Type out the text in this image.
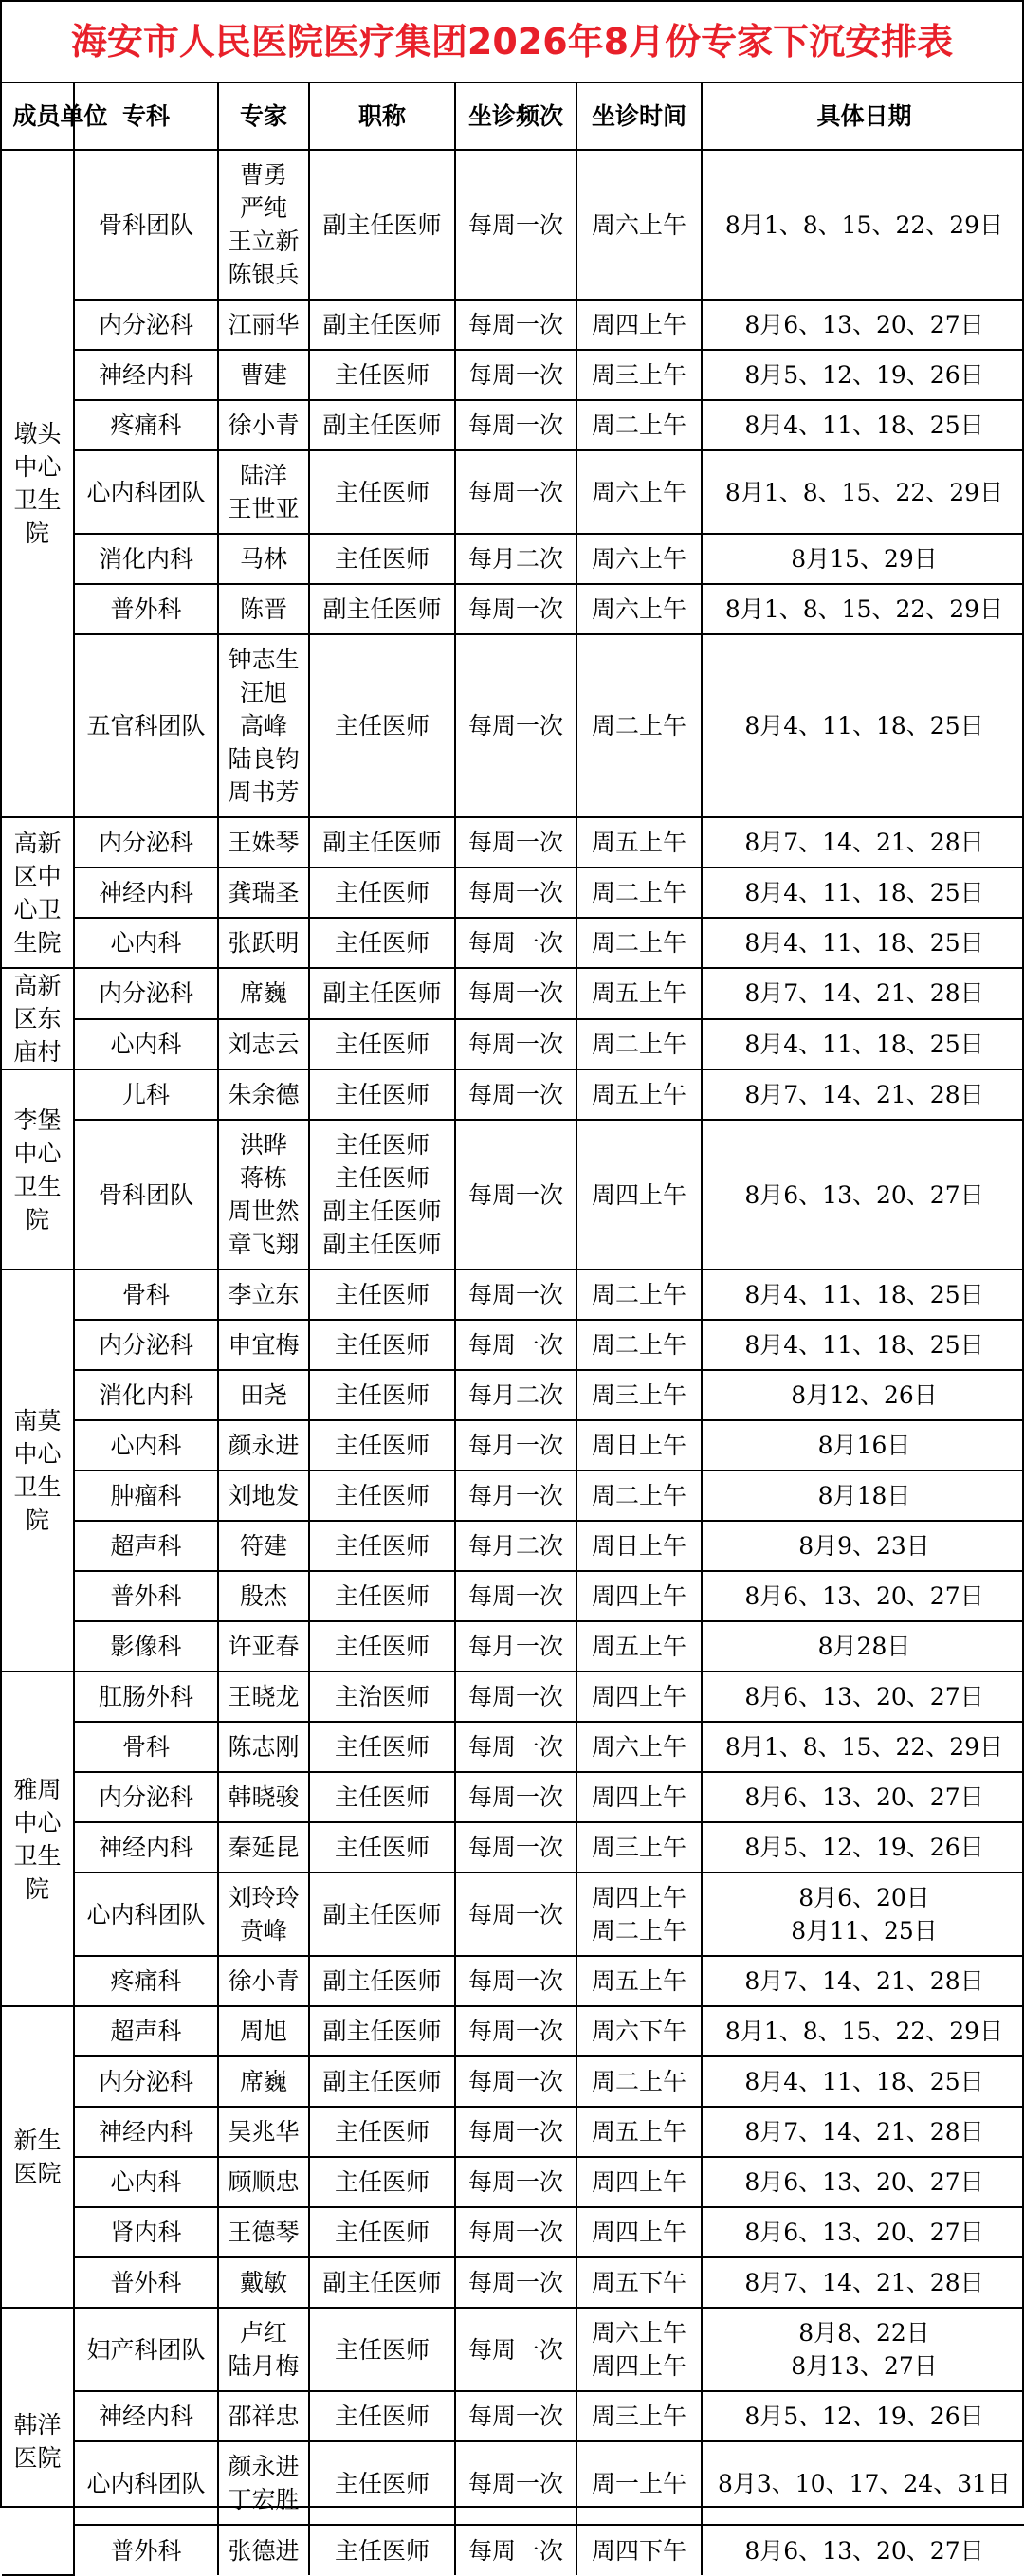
海安市人民医院医疗集团2026年8月份专家下沉安排表
成员单位	专科	专家	职称	坐诊频次	坐诊时间	具体日期
墩头中心卫生院	骨科团队	曹勇
严纯
王立新
陈银兵	副主任医师	每周一次	周六上午	8月1、8、15、22、29日

	内分泌科	江丽华	副主任医师	每周一次	周四上午	8月6、13、20、27日

	神经内科	曹建	主任医师	每周一次	周三上午	8月5、12、19、26日

	疼痛科	徐小青	副主任医师	每周一次	周二上午	8月4、11、18、25日

	心内科团队	陆洋
王世亚	主任医师	每周一次	周六上午	8月1、8、15、22、29日

	消化内科	马林	主任医师	每月二次	周六上午	8月15、29日

	普外科	陈晋	副主任医师	每周一次	周六上午	8月1、8、15、22、29日

	五官科团队	钟志生
汪旭
高峰
陆良钧
周书芳	主任医师	每周一次	周二上午	8月4、11、18、25日

高新区中心卫生院	内分泌科	王姝琴	副主任医师	每周一次	周五上午	8月7、14、21、28日

	神经内科	龚瑞圣	主任医师	每周一次	周二上午	8月4、11、18、25日

	心内科	张跃明	主任医师	每周一次	周二上午	8月4、11、18、25日

高新区东庙村	内分泌科	席巍	副主任医师	每周一次	周五上午	8月7、14、21、28日

	心内科	刘志云	主任医师	每周一次	周二上午	8月4、11、18、25日

李堡中心卫生院	儿科	朱余德	主任医师	每周一次	周五上午	8月7、14、21、28日

	骨科团队	洪晔
蒋栋
周世然
章飞翔	主任医师
主任医师
副主任医师
副主任医师	每周一次	周四上午	8月6、13、20、27日

南莫中心卫生院	骨科	李立东	主任医师	每周一次	周二上午	8月4、11、18、25日

	内分泌科	申宜梅	主任医师	每周一次	周二上午	8月4、11、18、25日

	消化内科	田尧	主任医师	每月二次	周三上午	8月12、26日

	心内科	颜永进	主任医师	每月一次	周日上午	8月16日

	肿瘤科	刘地发	主任医师	每月一次	周二上午	8月18日

	超声科	符建	主任医师	每月二次	周日上午	8月9、23日

	普外科	殷杰	主任医师	每周一次	周四上午	8月6、13、20、27日

	影像科	许亚春	主任医师	每月一次	周五上午	8月28日

雅周中心卫生院	肛肠外科	王晓龙	主治医师	每周一次	周四上午	8月6、13、20、27日

	骨科	陈志刚	主任医师	每周一次	周六上午	8月1、8、15、22、29日

	内分泌科	韩晓骏	主任医师	每周一次	周四上午	8月6、13、20、27日

	神经内科	秦延昆	主任医师	每周一次	周三上午	8月5、12、19、26日

	心内科团队	刘玲玲
贲峰	副主任医师	每周一次	周四上午
周二上午	8月6、20日
8月11、25日

	疼痛科	徐小青	副主任医师	每周一次	周五上午	8月7、14、21、28日

新生医院	超声科	周旭	副主任医师	每周一次	周六下午	8月1、8、15、22、29日

	内分泌科	席巍	副主任医师	每周一次	周二上午	8月4、11、18、25日

	神经内科	吴兆华	主任医师	每周一次	周五上午	8月7、14、21、28日

	心内科	顾顺忠	主任医师	每周一次	周四上午	8月6、13、20、27日

	肾内科	王德琴	主任医师	每周一次	周四上午	8月6、13、20、27日

	普外科	戴敏	副主任医师	每周一次	周五下午	8月7、14、21、28日

韩洋医院	妇产科团队	卢红
陆月梅	主任医师	每周一次	周六上午
周四上午	8月8、22日
8月13、27日

	神经内科	邵祥忠	主任医师	每周一次	周三上午	8月5、12、19、26日

	心内科团队	颜永进
丁宏胜	主任医师	每周一次	周一上午	8月3、10、17、24、31日

	普外科	张德进	主任医师	每周一次	周四下午	8月6、13、20、27日
